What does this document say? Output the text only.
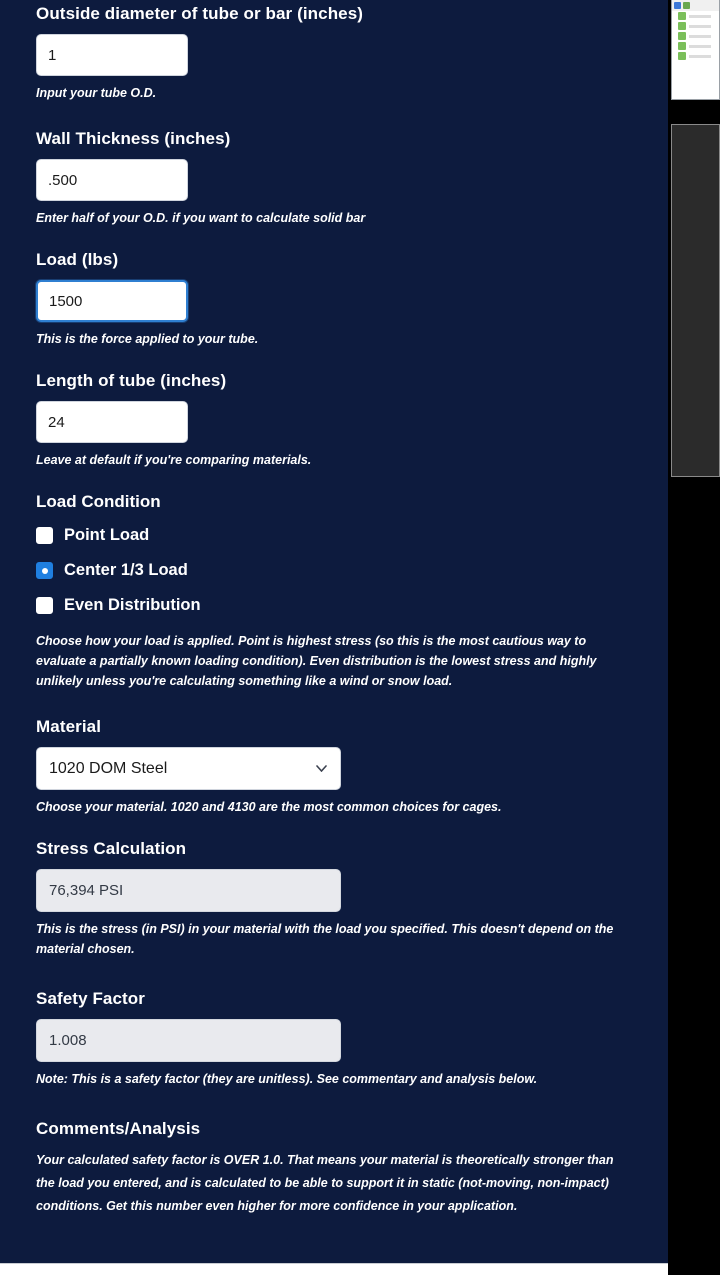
Outside diameter of tube or bar (inches)
1
Input your tube O.D.
Wall Thickness (inches)
.500
Enter half of your O.D. if you want to calculate solid bar
Load (lbs)
1500
This is the force applied to your tube.
Length of tube (inches)
24
Leave at default if you're comparing materials.
Load Condition
Point Load
Center 1/3 Load
Even Distribution
Choose how your load is applied. Point is highest stress (so this is the most cautious way to evaluate a partially known loading condition). Even distribution is the lowest stress and highly unlikely unless you're calculating something like a wind or snow load.
Material
1020 DOM Steel
Choose your material. 1020 and 4130 are the most common choices for cages.
Stress Calculation
76,394 PSI
This is the stress (in PSI) in your material with the load you specified. This doesn't depend on the material chosen.
Safety Factor
1.008
Note: This is a safety factor (they are unitless). See commentary and analysis below.
Comments/Analysis
Your calculated safety factor is OVER 1.0. That means your material is theoretically stronger than the load you entered, and is calculated to be able to support it in static (not-moving, non-impact) conditions. Get this number even higher for more confidence in your application.
